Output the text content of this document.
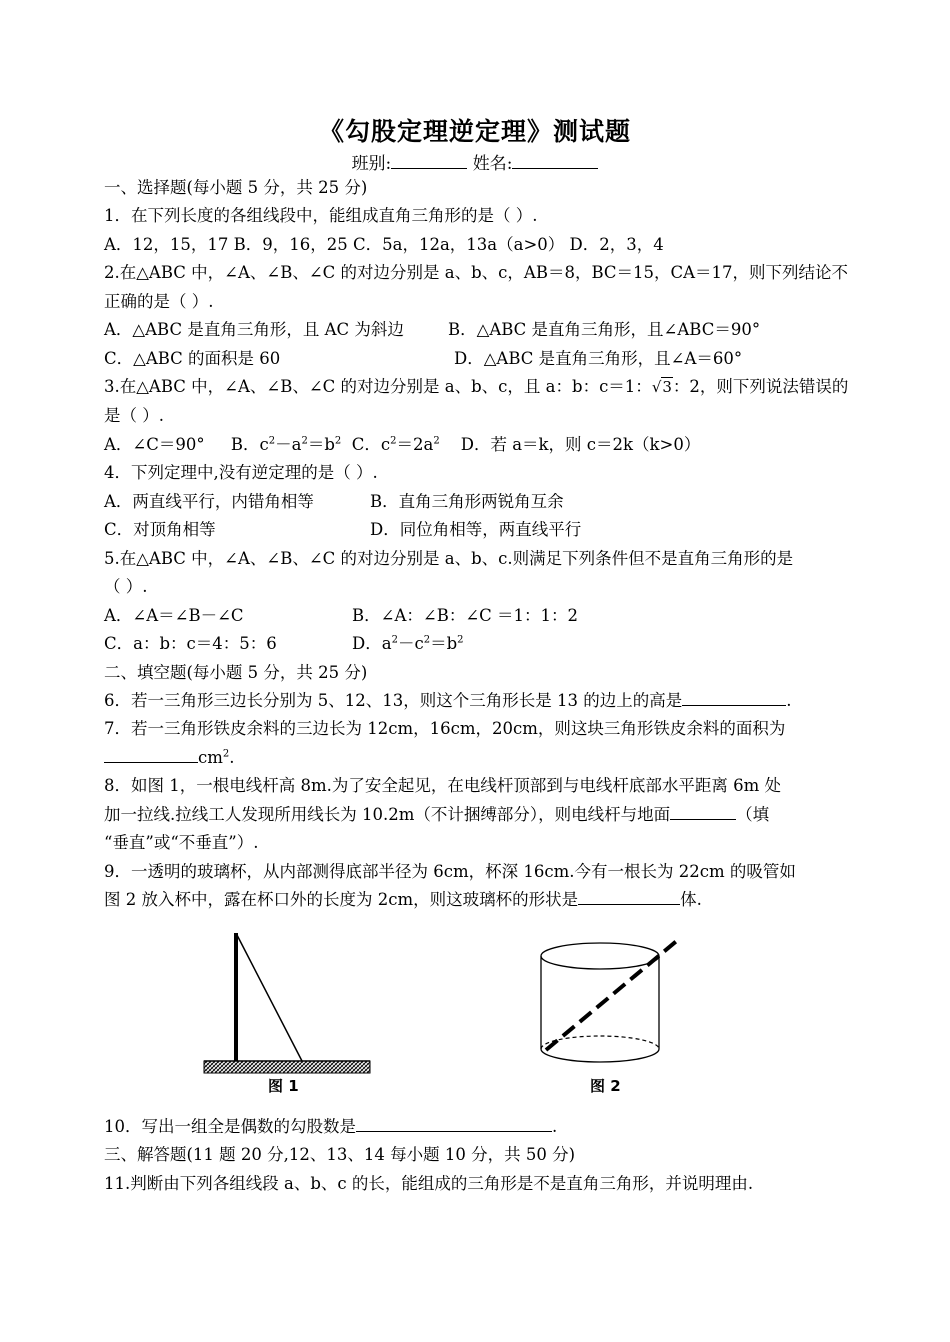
《勾股定理逆定理》测试题
班别:	姓名:
一、选择题(每小题 5 分，共 25 分)
1．在下列长度的各组线段中，能组成直角三角形的是（ ）.
A．12，15，17 B．9，16，25 C．5a，12a，13a（a>0） D．2，3，4
2.在△ABC 中，∠A、∠B、∠C 的对边分别是 a、b、c，AB＝8，BC＝15，CA＝17，则下列结论不
正确的是（ ）.
A．△ABC 是直角三角形，且 AC 为斜边	B．△ABC 是直角三角形，且∠ABC＝90°
C．△ABC 的面积是 60	D．△ABC 是直角三角形，且∠A＝60°
3.在△ABC 中，∠A、∠B、∠C 的对边分别是 a、b、c，且 a：b：c＝1：√3：2，则下列说法错误的
是（ ）.
A．∠C＝90° B．$c^2-a^2=b^2$ C．$c^2=2a^2$ D．若 a＝k，则 c＝2k（k>0）
4．下列定理中,没有逆定理的是（ ）.
A．两直线平行，内错角相等	B．直角三角形两锐角互余
C．对顶角相等	D．同位角相等，两直线平行
5.在△ABC 中，∠A、∠B、∠C 的对边分别是 a、b、c.则满足下列条件但不是直角三角形的是
（ ）.
A．∠A＝∠B－∠C	B．∠A：∠B：∠C ＝1：1：2
C．a：b：c＝4：5：6	D．$a^2-c^2=b^2$
二、填空题(每小题 5 分，共 25 分)
6．若一三角形三边长分别为 5、12、13，则这个三角形长是 13 的边上的高是	.
7．若一三角形铁皮余料的三边长为 12cm，16cm，20cm，则这块三角形铁皮余料的面积为
$cm^2$.
8．如图 1，一根电线杆高 8m.为了安全起见，在电线杆顶部到与电线杆底部水平距离 6m 处
加一拉线.拉线工人发现所用线长为 10.2m（不计捆缚部分），则电线杆与地面	（填
“垂直”或“不垂直”）.
9．一透明的玻璃杯，从内部测得底部半径为 6cm，杯深 16cm.今有一根长为 22cm 的吸管如
图 2 放入杯中，露在杯口外的长度为 2cm，则这玻璃杯的形状是	体.
图 1	图 2
10．写出一组全是偶数的勾股数是	.
三、解答题(11 题 20 分,12、13、14 每小题 10 分，共 50 分)
11.判断由下列各组线段 a、b、c 的长，能组成的三角形是不是直角三角形，并说明理由.
